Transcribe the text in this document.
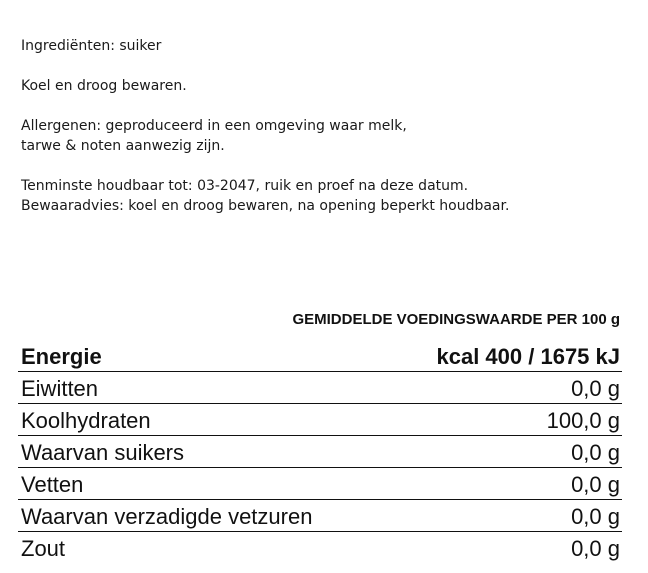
Ingrediënten: suiker

Koel en droog bewaren.

Allergenen: geproduceerd in een omgeving waar melk,

tarwe & noten aanwezig zijn.

Tenminste houdbaar tot: 03-2047, ruik en proef na deze datum.

Bewaaradvies: koel en droog bewaren, na opening beperkt houdbaar.

GEMIDDELDE VOEDINGSWAARDE PER 100 g
Energie	kcal 400 / 1675 kJ
Eiwitten	0,0 g
Koolhydraten	100,0 g
Waarvan suikers	0,0 g
Vetten	0,0 g
Waarvan verzadigde vetzuren	0,0 g
Zout	0,0 g
